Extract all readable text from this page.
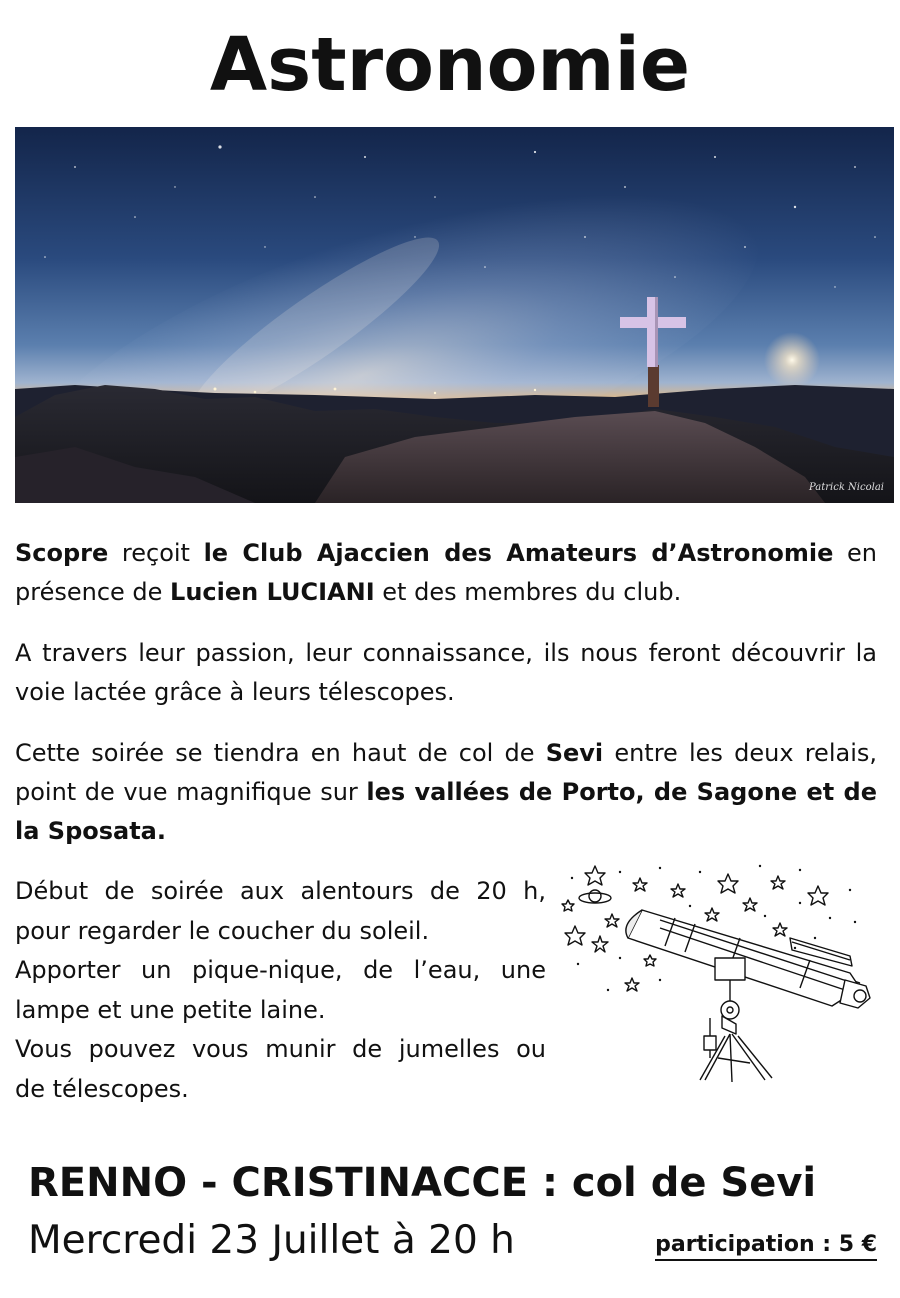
Astronomie
Patrick Nicolai

Scopre reçoit le Club Ajaccien des Amateurs d’Astronomie en présence de Lucien LUCIANI et des membres du club.

A travers leur passion, leur connaissance, ils nous feront découvrir la voie lactée grâce à leurs télescopes.

Cette soirée se tiendra en haut de col de Sevi entre les deux relais, point de vue magnifique sur les vallées de Porto, de Sagone et de la Sposata.

Début de soirée aux alentours de 20 h,
pour regarder le coucher du soleil.
Apporter un pique-nique, de l’eau, une
lampe et une petite laine.
Vous pouvez vous munir de jumelles ou
de télescopes.
RENNO - CRISTINACCE : col de Sevi
Mercredi 23 Juillet à 20 h	participation : 5 €
